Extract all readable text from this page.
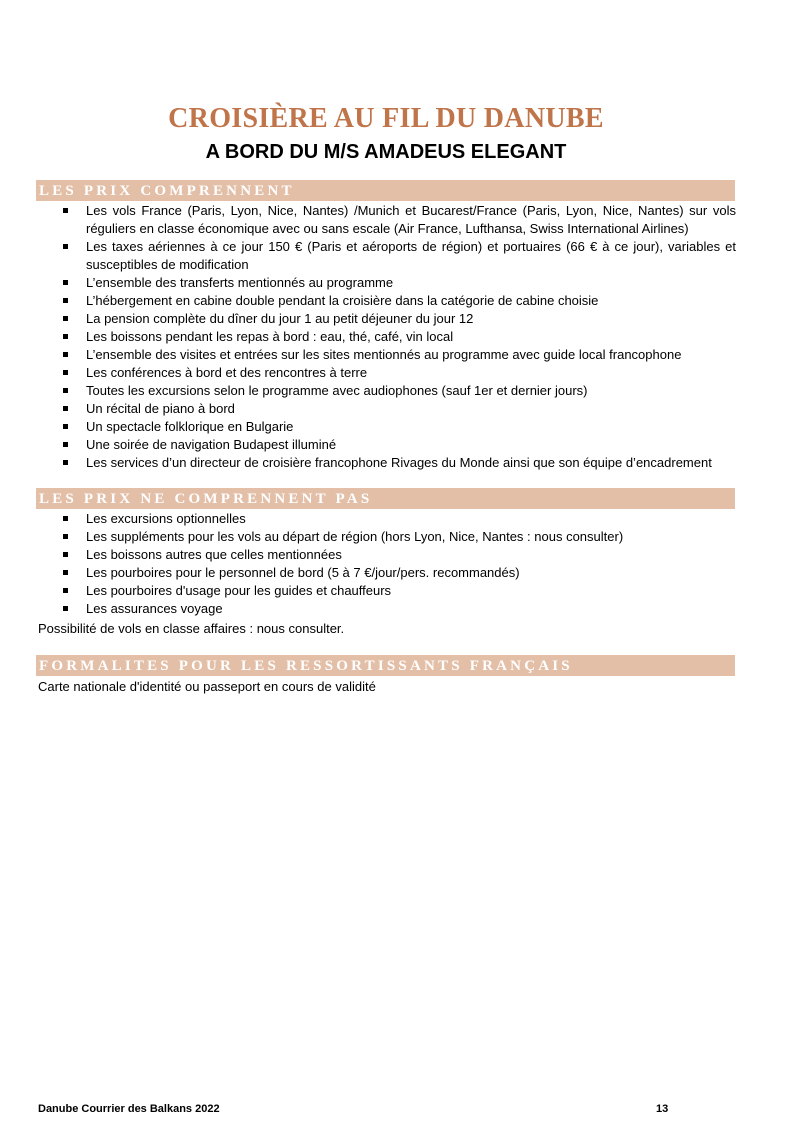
CROISIÈRE AU FIL DU DANUBE
A BORD DU M/S AMADEUS ELEGANT
LES PRIX COMPRENNENT
Les vols France (Paris, Lyon, Nice, Nantes) /Munich et Bucarest/France (Paris, Lyon, Nice, Nantes) sur vols réguliers en classe économique avec ou sans escale (Air France, Lufthansa, Swiss International Airlines)
Les taxes aériennes à ce jour 150 € (Paris et aéroports de région) et portuaires (66 € à ce jour), variables et susceptibles de modification
L’ensemble des transferts mentionnés au programme
L’hébergement en cabine double pendant la croisière dans la catégorie de cabine choisie
La pension complète du dîner du jour 1 au petit déjeuner du jour 12
Les boissons pendant les repas à bord : eau, thé, café, vin local
L’ensemble des visites et entrées sur les sites mentionnés au programme avec guide local francophone
Les conférences à bord et des rencontres à terre
Toutes les excursions selon le programme avec audiophones (sauf 1er et dernier jours)
Un récital de piano à bord
Un spectacle folklorique en Bulgarie
Une soirée de navigation Budapest illuminé
Les services d’un directeur de croisière francophone Rivages du Monde ainsi que son équipe d’encadrement
LES PRIX NE COMPRENNENT PAS
Les excursions optionnelles
Les suppléments pour les vols au départ de région (hors Lyon, Nice, Nantes : nous consulter)
Les boissons autres que celles mentionnées
Les pourboires pour le personnel de bord (5 à 7 €/jour/pers. recommandés)
Les pourboires d'usage pour les guides et chauffeurs
Les assurances voyage

Possibilité de vols en classe affaires : nous consulter.

FORMALITES POUR LES RESSORTISSANTS FRANÇAIS

Carte nationale d'identité ou passeport en cours de validité

Danube Courrier des Balkans 2022	13
